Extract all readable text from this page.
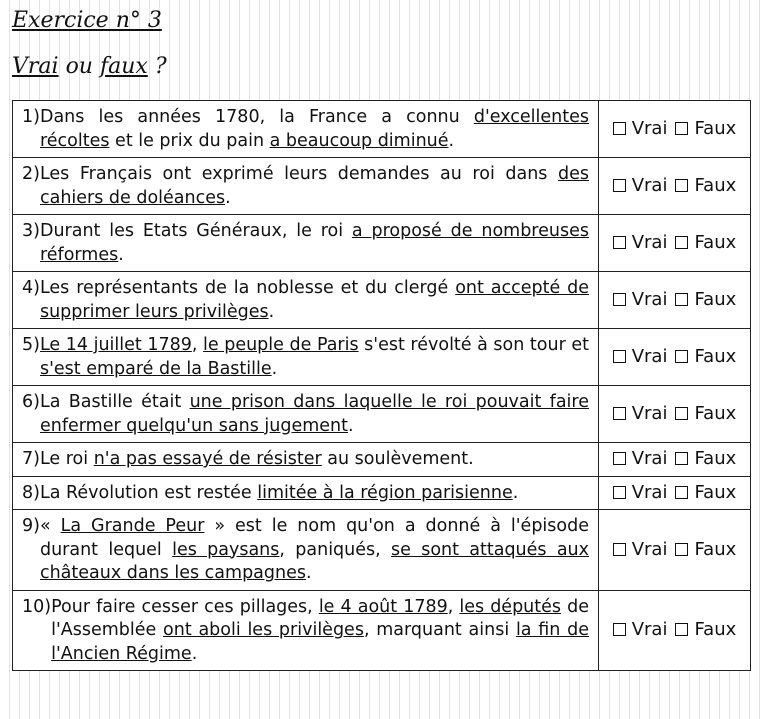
Exercice n° 3
Vrai ou faux ?
1) Dans les années 1780, la France a connu d'excellentes récoltes et le prix du pain a beaucoup diminué.	Vrai Faux

2) Les Français ont exprimé leurs demandes au roi dans des cahiers de doléances.	Vrai Faux

3) Durant les Etats Généraux, le roi a proposé de nombreuses réformes.	Vrai Faux

4) Les représentants de la noblesse et du clergé ont accepté de supprimer leurs privilèges.	Vrai Faux

5) Le 14 juillet 1789, le peuple de Paris s'est révolté à son tour et s'est emparé de la Bastille.	Vrai Faux

6) La Bastille était une prison dans laquelle le roi pouvait faire enfermer quelqu'un sans jugement.	Vrai Faux

7) Le roi n'a pas essayé de résister au soulèvement.	Vrai Faux

8) La Révolution est restée limitée à la région parisienne.	Vrai Faux

9) « La Grande Peur » est le nom qu'on a donné à l'épisode durant lequel les paysans, paniqués, se sont attaqués aux châteaux dans les campagnes.	Vrai Faux

10) Pour faire cesser ces pillages, le 4 août 1789, les députés de l'Assemblée ont aboli les privilèges, marquant ainsi la fin de l'Ancien Régime.	Vrai Faux
